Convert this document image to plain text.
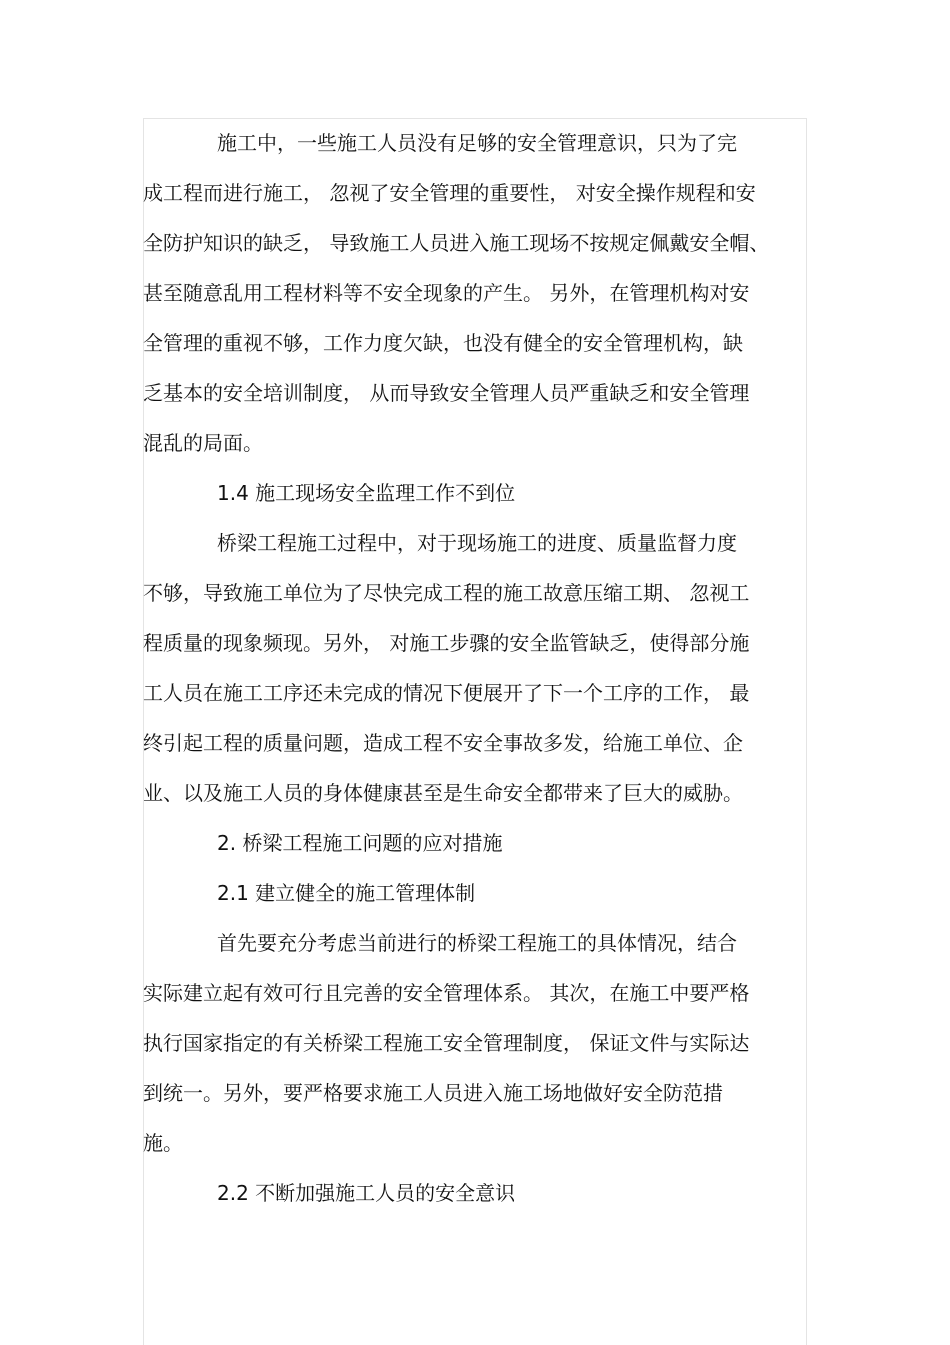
施工中，一些施工人员没有足够的安全管理意识，只为了完
成工程而进行施工， 忽视了安全管理的重要性， 对安全操作规程和安
全防护知识的缺乏， 导致施工人员进入施工现场不按规定佩戴安全帽、
甚至随意乱用工程材料等不安全现象的产生。 另外，在管理机构对安
全管理的重视不够，工作力度欠缺，也没有健全的安全管理机构，缺
乏基本的安全培训制度， 从而导致安全管理人员严重缺乏和安全管理
混乱的局面。
1.4 施工现场安全监理工作不到位
桥梁工程施工过程中，对于现场施工的进度、质量监督力度
不够，导致施工单位为了尽快完成工程的施工故意压缩工期、 忽视工
程质量的现象频现。另外， 对施工步骤的安全监管缺乏，使得部分施
工人员在施工工序还未完成的情况下便展开了下一个工序的工作， 最
终引起工程的质量问题，造成工程不安全事故多发，给施工单位、企
业、以及施工人员的身体健康甚至是生命安全都带来了巨大的威胁。
2. 桥梁工程施工问题的应对措施
2.1 建立健全的施工管理体制
首先要充分考虑当前进行的桥梁工程施工的具体情况，结合
实际建立起有效可行且完善的安全管理体系。 其次，在施工中要严格
执行国家指定的有关桥梁工程施工安全管理制度， 保证文件与实际达
到统一。另外，要严格要求施工人员进入施工场地做好安全防范措
施。
2.2 不断加强施工人员的安全意识
